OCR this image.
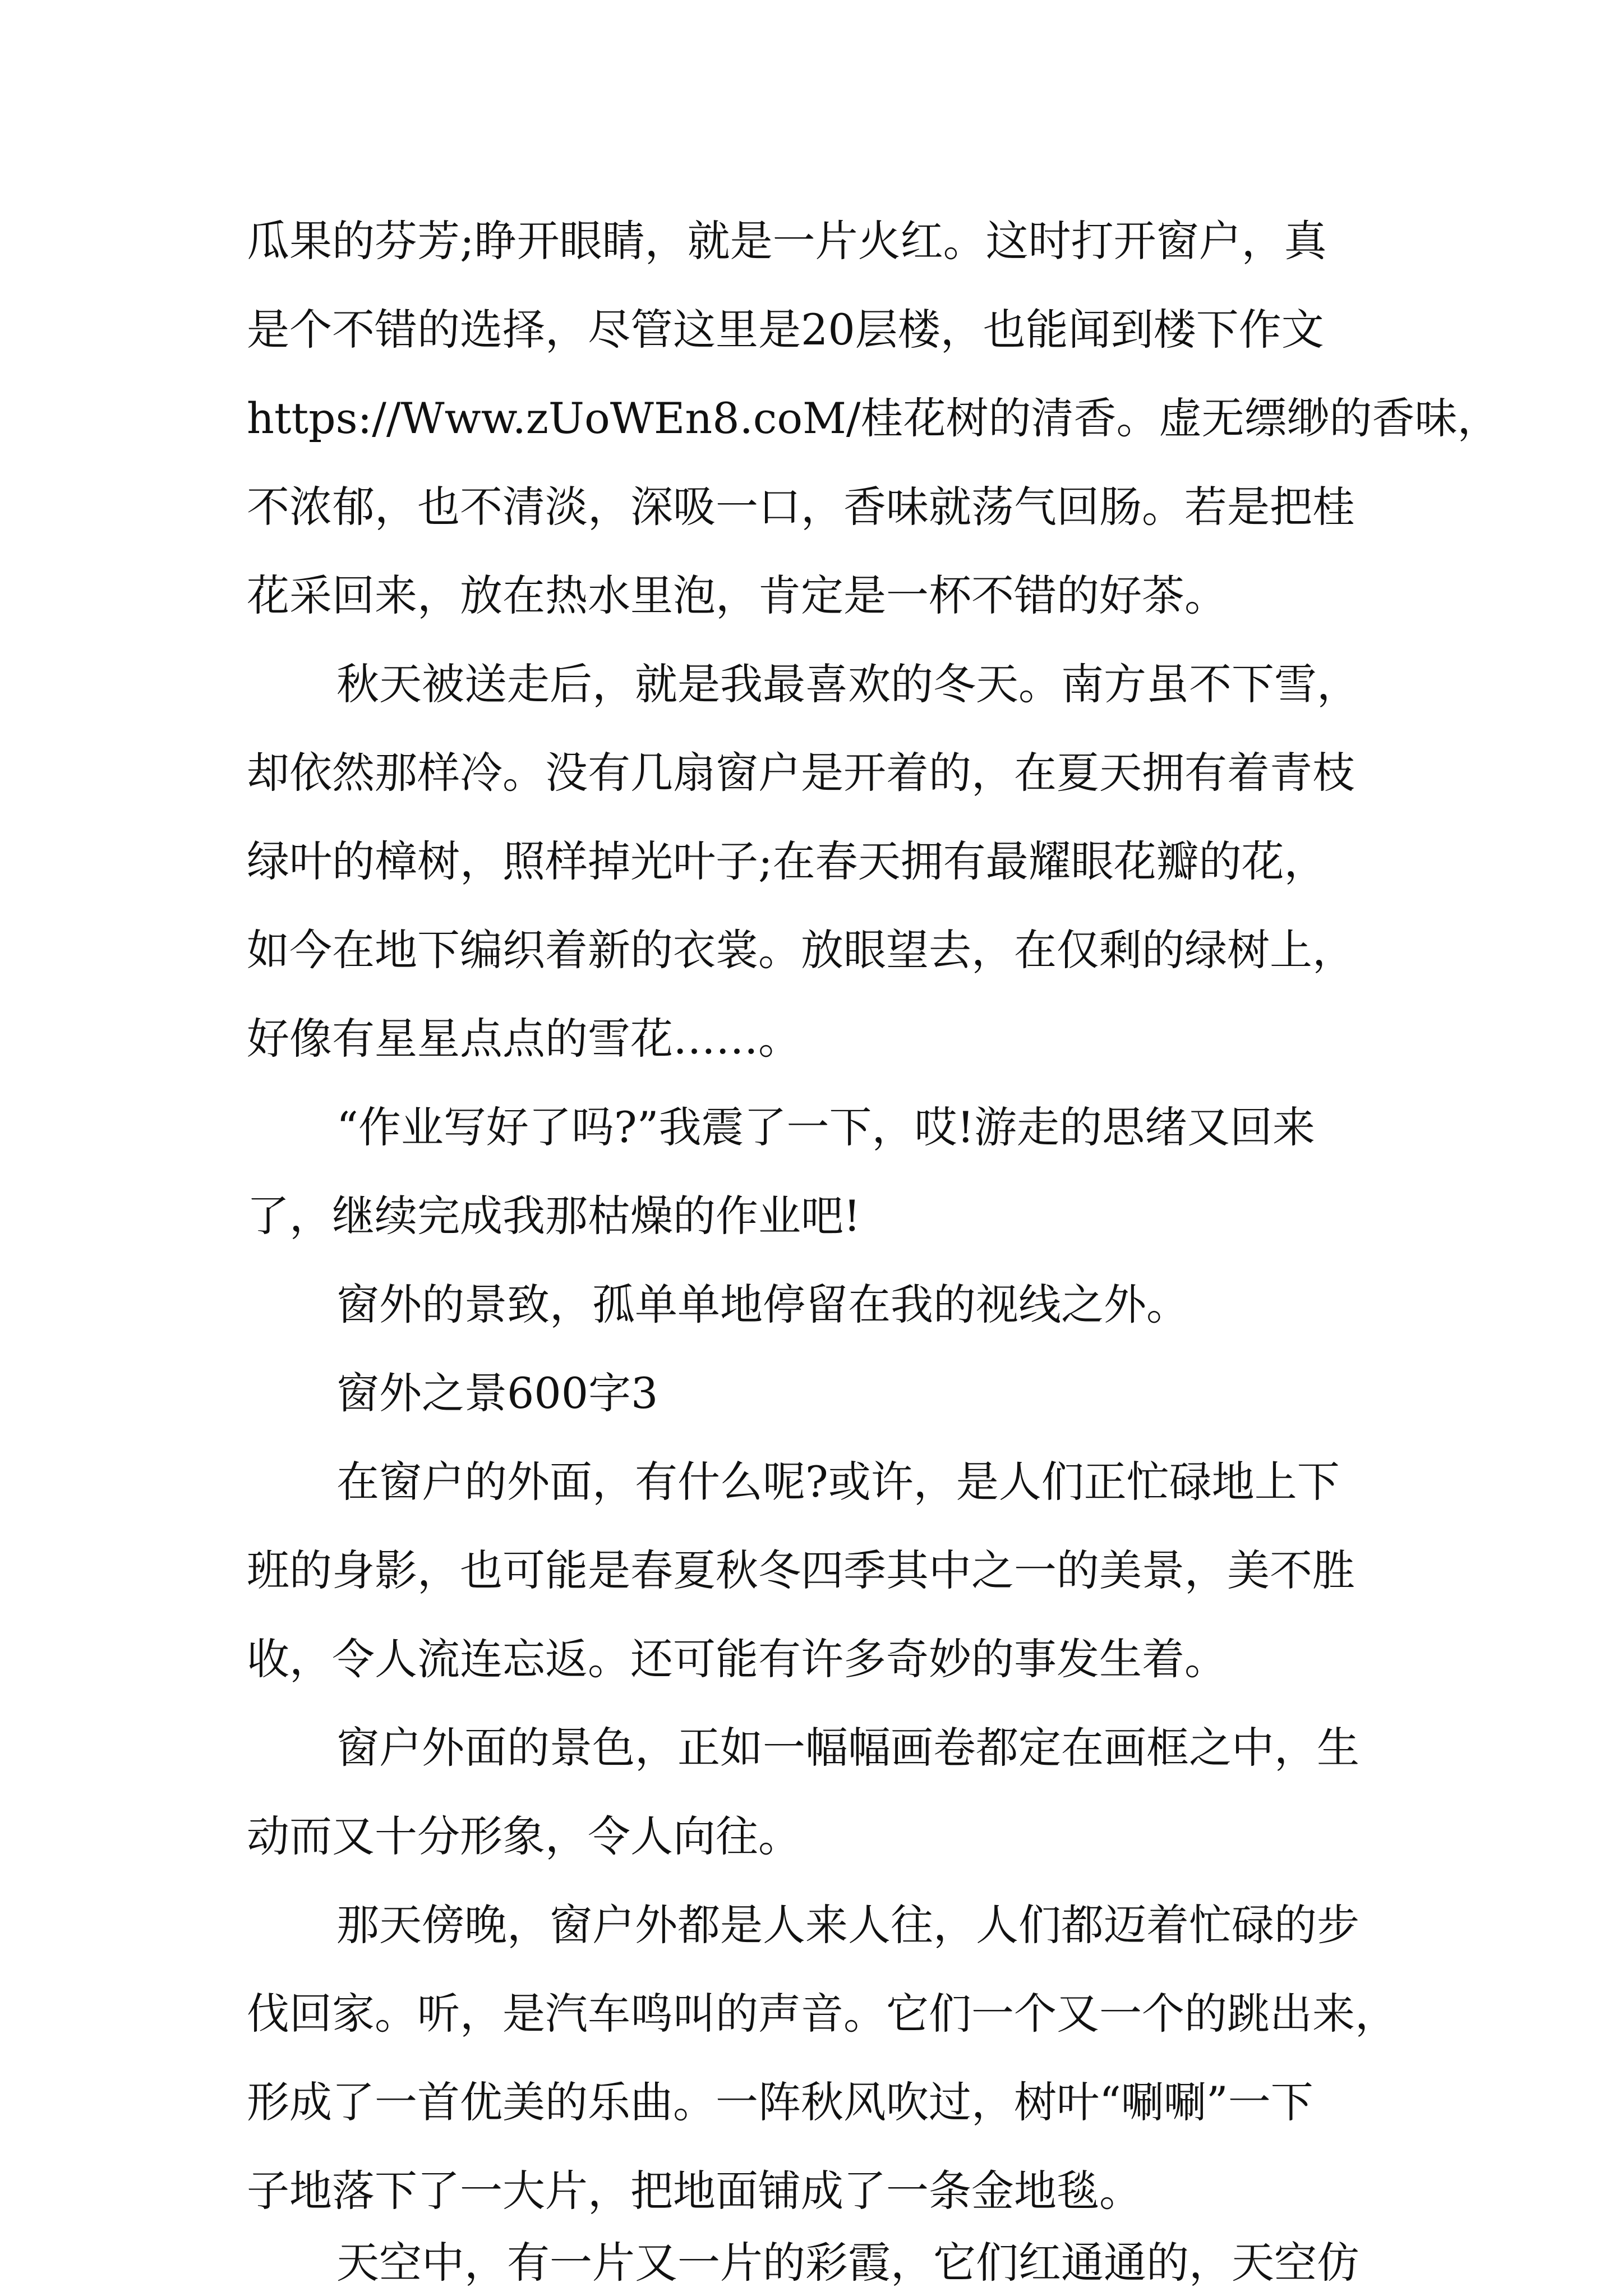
瓜果的芬芳;睁开眼睛，就是一片火红。这时打开窗户，真
是个不错的选择，尽管这里是20层楼，也能闻到楼下作文
https://Www.zUoWEn8.coM/桂花树的清香。虚无缥缈的香味，
不浓郁，也不清淡，深吸一口，香味就荡气回肠。若是把桂
花采回来，放在热水里泡，肯定是一杯不错的好茶。
秋天被送走后，就是我最喜欢的冬天。南方虽不下雪，
却依然那样冷。没有几扇窗户是开着的，在夏天拥有着青枝
绿叶的樟树，照样掉光叶子;在春天拥有最耀眼花瓣的花，
如今在地下编织着新的衣裳。放眼望去，在仅剩的绿树上，
好像有星星点点的雪花……。
“作业写好了吗?”我震了一下，哎!游走的思绪又回来
了，继续完成我那枯燥的作业吧!
窗外的景致，孤单单地停留在我的视线之外。
窗外之景600字3
在窗户的外面，有什么呢?或许，是人们正忙碌地上下
班的身影，也可能是春夏秋冬四季其中之一的美景，美不胜
收，令人流连忘返。还可能有许多奇妙的事发生着。
窗户外面的景色，正如一幅幅画卷都定在画框之中，生
动而又十分形象，令人向往。
那天傍晚，窗户外都是人来人往，人们都迈着忙碌的步
伐回家。听，是汽车鸣叫的声音。它们一个又一个的跳出来，
形成了一首优美的乐曲。一阵秋风吹过，树叶“唰唰”一下
子地落下了一大片，把地面铺成了一条金地毯。
天空中，有一片又一片的彩霞，它们红通通的，天空仿
